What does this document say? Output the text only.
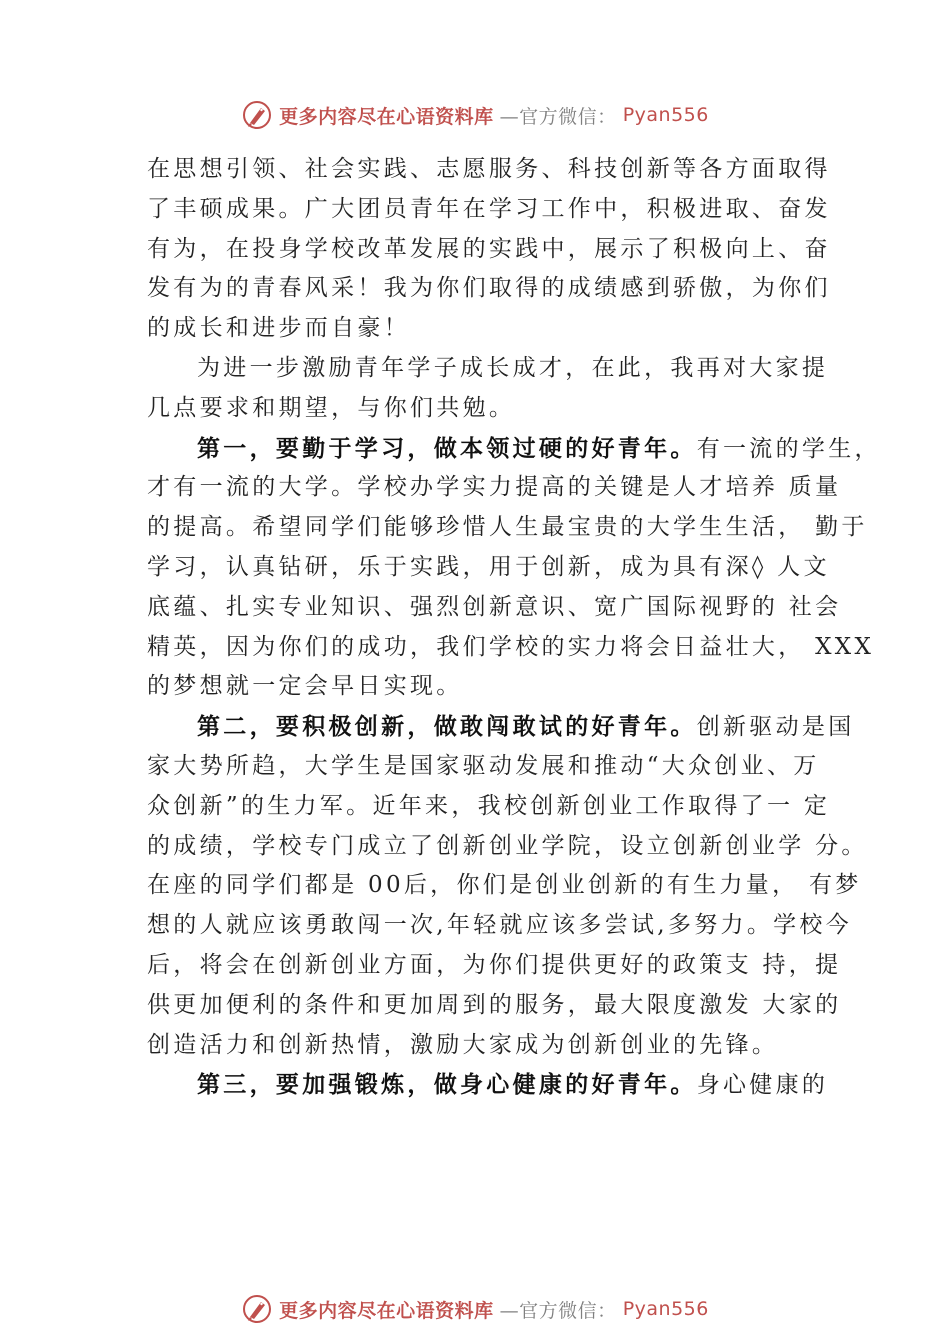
更多内容尽在心语资料库 —官方微信： Pyan556
在思想引领、社会实践、志愿服务、科技创新等各方面取得
了丰硕成果。广大团员青年在学习工作中，积极进取、奋发
有为，在投身学校改革发展的实践中，展示了积极向上、奋
发有为的青春风采！我为你们取得的成绩感到骄傲，为你们
的成长和进步而自豪！
为进一步激励青年学子成长成才，在此，我再对大家提
几点要求和期望，与你们共勉。
第一，要勤于学习，做本领过硬的好青年。有一流的学生，
才有一流的大学。学校办学实力提高的关键是人才培养 质量
的提高。希望同学们能够珍惜人生最宝贵的大学生生活， 勤于
学习，认真钻研，乐于实践，用于创新，成为具有深◊ 人文
底蕴、扎实专业知识、强烈创新意识、宽广国际视野的 社会
精英，因为你们的成功，我们学校的实力将会日益壮大， XXX
的梦想就一定会早日实现。
第二，要积极创新，做敢闯敢试的好青年。创新驱动是国
家大势所趋，大学生是国家驱动发展和推动“大众创业、万
众创新”的生力军。近年来，我校创新创业工作取得了一 定
的成绩，学校专门成立了创新创业学院，设立创新创业学 分。
在座的同学们都是 00后，你们是创业创新的有生力量， 有梦
想的人就应该勇敢闯一次,年轻就应该多尝试,多努力。学校今
后，将会在创新创业方面，为你们提供更好的政策支 持，提
供更加便利的条件和更加周到的服务，最大限度激发 大家的
创造活力和创新热情，激励大家成为创新创业的先锋。
第三，要加强锻炼，做身心健康的好青年。身心健康的
更多内容尽在心语资料库 —官方微信： Pyan556
